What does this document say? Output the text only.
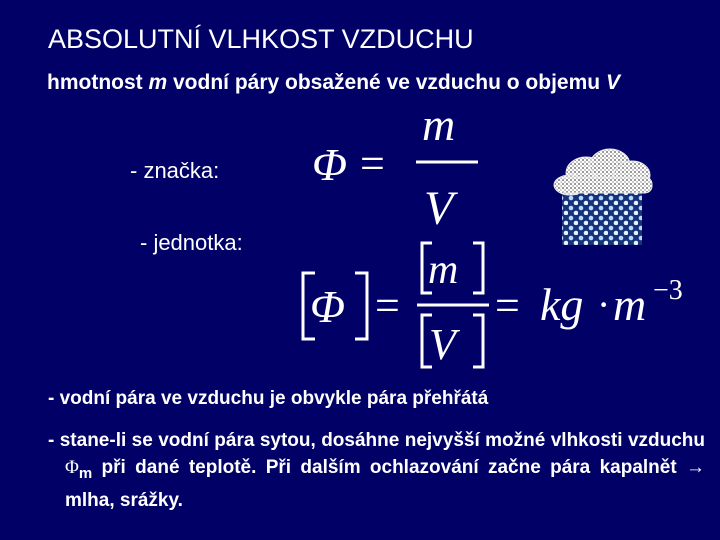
ABSOLUTNÍ VLHKOST VZDUCHU
hmotnost m vodní páry obsažené ve vzduchu o objemu V
- značka:
- jednotka:
Φ =
m
V
Φ =
m
V
= kg · m −3
- vodní pára ve vzduchu je obvykle pára přehřátá
- stane-li se vodní pára sytou, dosáhne nejvyšší možné vlhkosti vzduchu $\Phi_m$ při dané teplotě. Při dalším ochlazování začne pára kapalnět → mlha, srážky.
